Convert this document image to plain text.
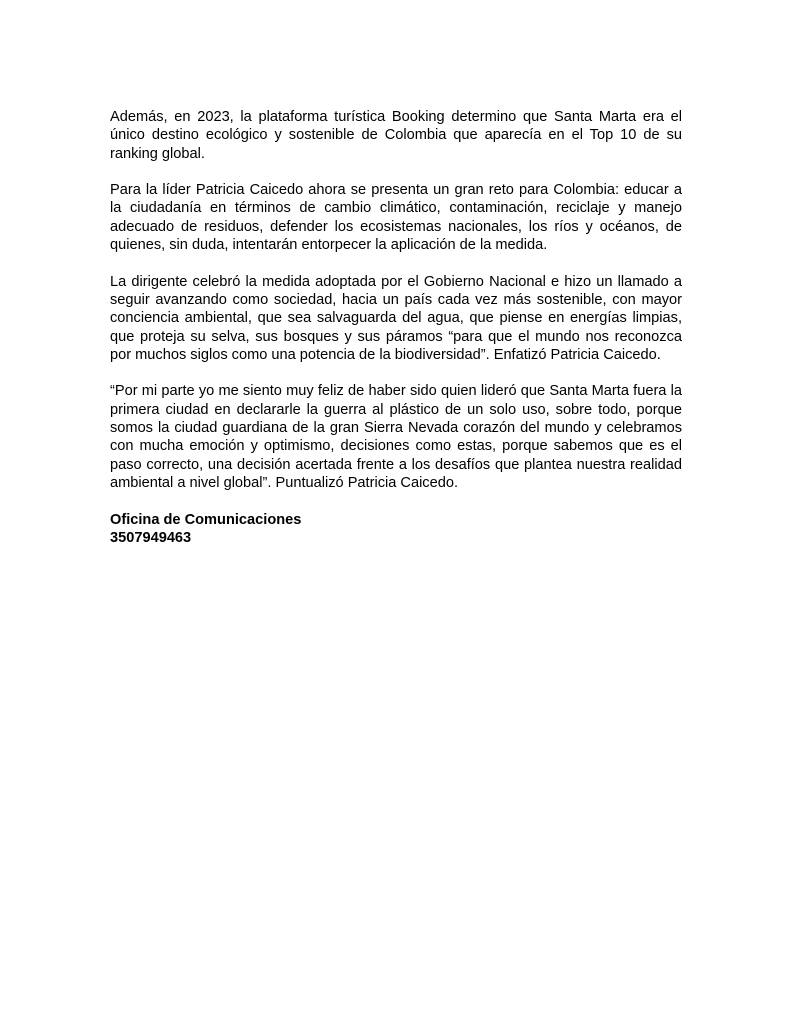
Además, en 2023, la plataforma turística Booking determino que Santa Marta era el único destino ecológico y sostenible de Colombia que aparecía en el Top 10 de su ranking global.

Para la líder Patricia Caicedo ahora se presenta un gran reto para Colombia: educar a la ciudadanía en términos de cambio climático, contaminación, reciclaje y manejo adecuado de residuos, defender los ecosistemas nacionales, los ríos y océanos, de quienes, sin duda, intentarán entorpecer la aplicación de la medida.

La dirigente celebró la medida adoptada por el Gobierno Nacional e hizo un llamado a seguir avanzando como sociedad, hacia un país cada vez más sostenible, con mayor conciencia ambiental, que sea salvaguarda del agua, que piense en energías limpias, que proteja su selva, sus bosques y sus páramos “para que el mundo nos reconozca por muchos siglos como una potencia de la biodiversidad”. Enfatizó Patricia Caicedo.

“Por mi parte yo me siento muy feliz de haber sido quien lideró que Santa Marta fuera la primera ciudad en declararle la guerra al plástico de un solo uso, sobre todo, porque somos la ciudad guardiana de la gran Sierra Nevada corazón del mundo y celebramos con mucha emoción y optimismo, decisiones como estas, porque sabemos que es el paso correcto, una decisión acertada frente a los desafíos que plantea nuestra realidad ambiental a nivel global”. Puntualizó Patricia Caicedo.

Oficina de Comunicaciones
3507949463
